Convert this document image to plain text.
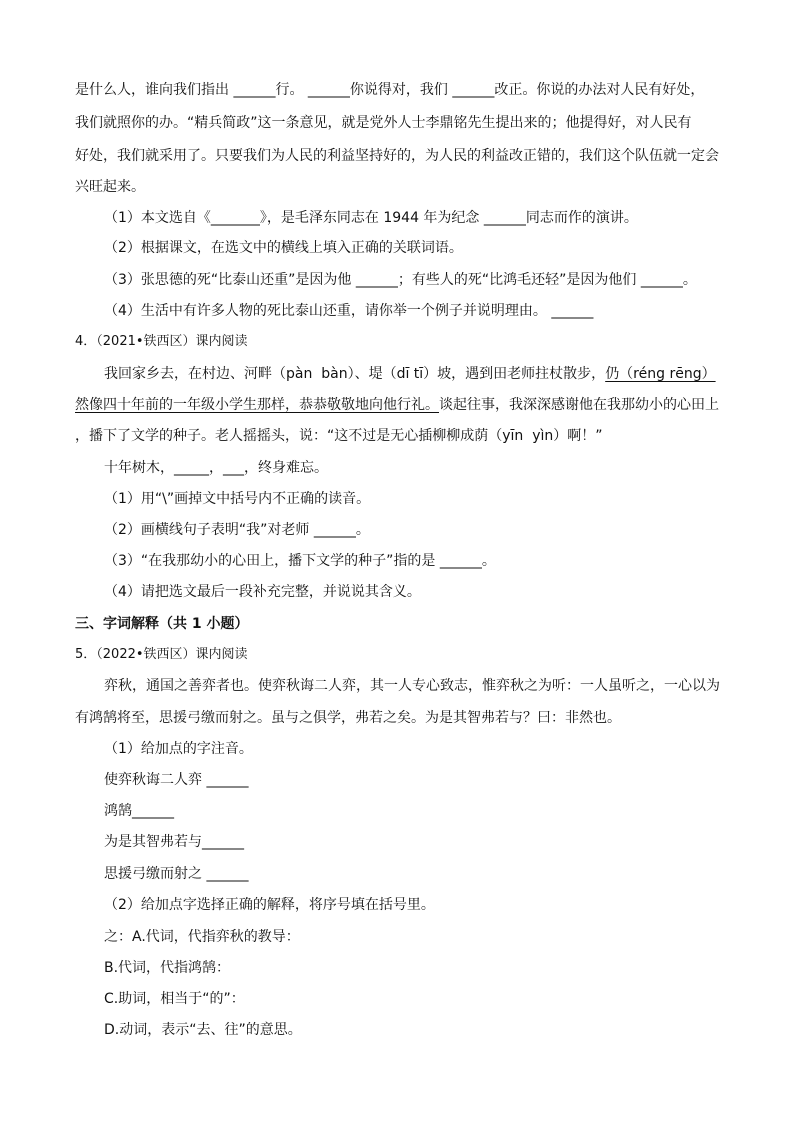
是什么人，谁向我们指出 ______行。 ______你说得对，我们 ______改正。你说的办法对人民有好处，
我们就照你的办。“精兵简政”这一条意见，就是党外人士李鼎铭先生提出来的；他提得好，对人民有
好处，我们就采用了。只要我们为人民的利益坚持好的，为人民的利益改正错的，我们这个队伍就一定会
兴旺起来。
（1）本文选自《_______》，是毛泽东同志在 1944 年为纪念 ______同志而作的演讲。
（2）根据课文，在选文中的横线上填入正确的关联词语。
（3）张思德的死“比泰山还重”是因为他 ______；有些人的死“比鸿毛还轻”是因为他们 ______。
（4）生活中有许多人物的死比泰山还重，请你举一个例子并说明理由。 ______
4．（2021•铁西区）课内阅读
我回家乡去，在村边、河畔（pàn  bàn）、堤（dī tī）坡，遇到田老师拄杖散步，仍（réng rēng）
然像四十年前的一年级小学生那样，恭恭敬敬地向他行礼。谈起往事，我深深感谢他在我那幼小的心田上
，播下了文学的种子。老人摇摇头，说：“这不过是无心插柳柳成荫（yīn  yìn）啊！”
十年树木，_____，___，终身难忘。
（1）用“\”画掉文中括号内不正确的读音。
（2）画横线句子表明“我”对老师 ______。
（3）“在我那幼小的心田上，播下文学的种子”指的是 ______。
（4）请把选文最后一段补充完整，并说说其含义。
三、字词解释（共 1 小题）
5．（2022•铁西区）课内阅读
弈秋，通国之善弈者也。使弈秋诲二人弈，其一人专心致志，惟弈秋之为听：一人虽听之，一心以为
有鸿鹄将至，思援弓缴而射之。虽与之俱学，弗若之矣。为是其智弗若与？曰：非然也。
（1）给加点的字注音。
使弈秋诲二人弈 ______
鸿鹄______
为是其智弗若与______
思援弓缴而射之 ______
（2）给加点字选择正确的解释，将序号填在括号里。
之：A.代词，代指弈秋的教导：
B.代词，代指鸿鹄：
C.助词，相当于“的”：
D.动词，表示“去、往”的意思。
